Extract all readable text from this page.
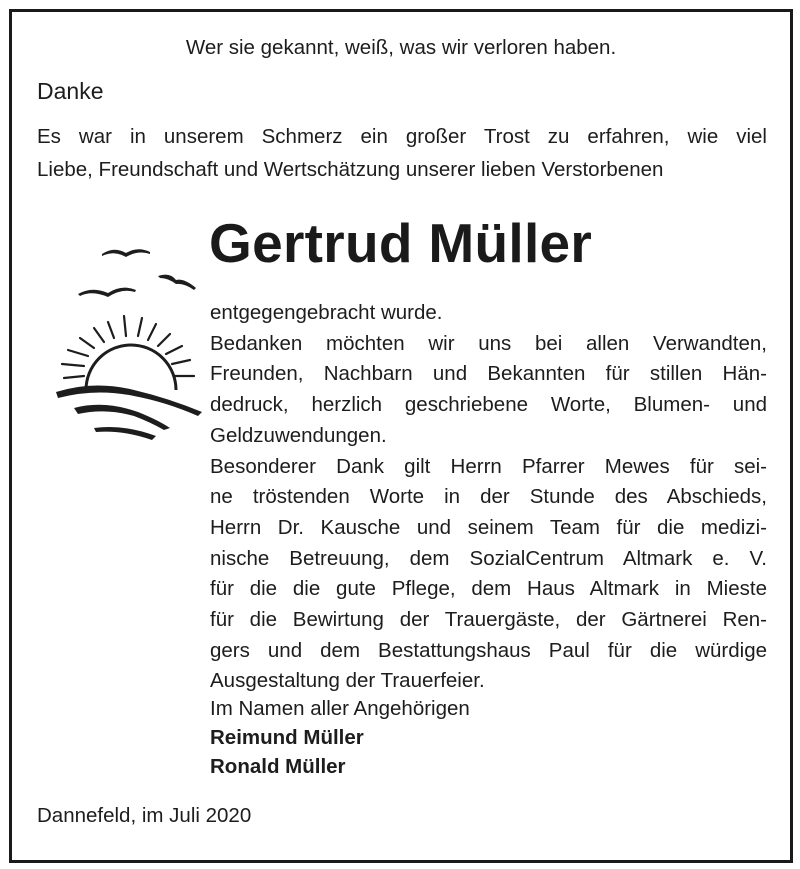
Wer sie gekannt, weiß, was wir verloren haben.
Danke
Es war in unserem Schmerz ein großer Trost zu erfahren, wie viel
Liebe, Freundschaft und Wertschätzung unserer lieben Verstorbenen
Gertrud Müller
entgegengebracht wurde.
Bedanken möchten wir uns bei allen Verwandten,
Freunden, Nachbarn und Bekannten für stillen Hän-
dedruck, herzlich geschriebene Worte, Blumen- und
Geldzuwendungen.
Besonderer Dank gilt Herrn Pfarrer Mewes für sei-
ne tröstenden Worte in der Stunde des Abschieds,
Herrn Dr. Kausche und seinem Team für die medizi-
nische Betreuung, dem SozialCentrum Altmark e. V.
für die die gute Pflege, dem Haus Altmark in Mieste
für die Bewirtung der Trauergäste, der Gärtnerei Ren-
gers und dem Bestattungshaus Paul für die würdige
Ausgestaltung der Trauerfeier.
Im Namen aller Angehörigen
Reimund Müller
Ronald Müller
Dannefeld, im Juli 2020
